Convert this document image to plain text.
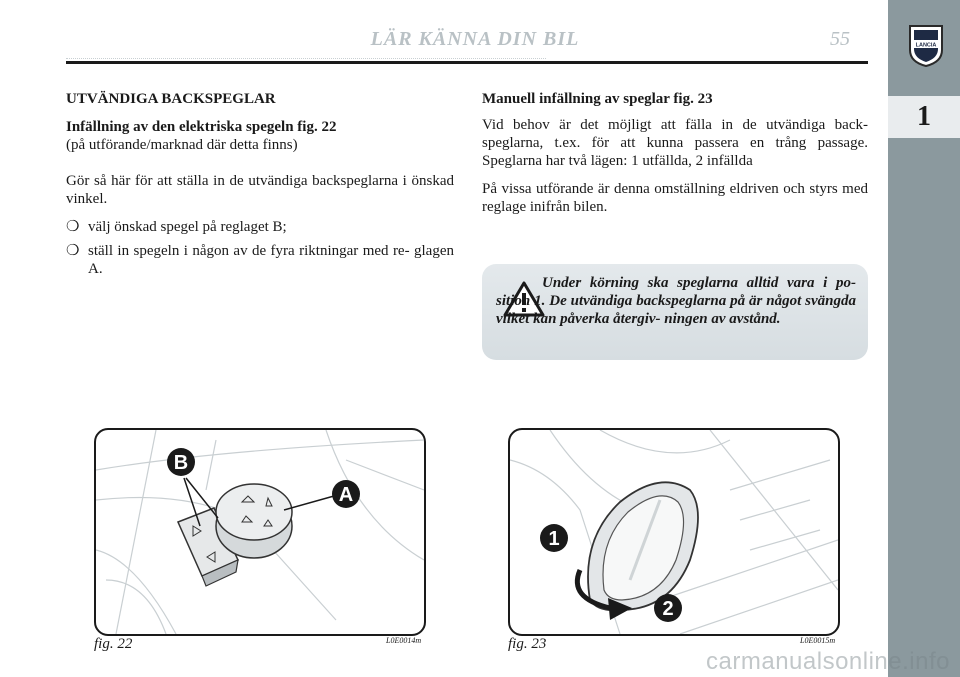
LÄR KÄNNA DIN BIL	55	LANCIA
1
UTVÄNDIGA BACKSPEGLAR
Infällning av den elektriska spegeln fig. 22

(på utförande/marknad där detta finns)

Gör så här för att ställa in de utvändiga backspeglarna i önskad vinkel.

❍ välj önskad spegel på reglaget B;
❍ ställ in spegeln i någon av de fyra riktningar med re- glagen A.
Manuell infällning av speglar fig. 23

Vid behov är det möjligt att fälla in de utvändiga back- speglarna, t.ex. för att kunna passera en trång passage. Speglarna har två lägen: 1 utfällda, 2 infällda

På vissa utförande är denna omställning eldriven och styrs med reglage inifrån bilen.

Under körning ska speglarna alltid vara i po- sition 1. De utvändiga backspeglarna på är något svängda vilket kan påverka återgiv- ningen av avstånd.
B
A
fig. 22	L0E0014m
1
2
fig. 23	L0E0015m
carmanualsonline.info
